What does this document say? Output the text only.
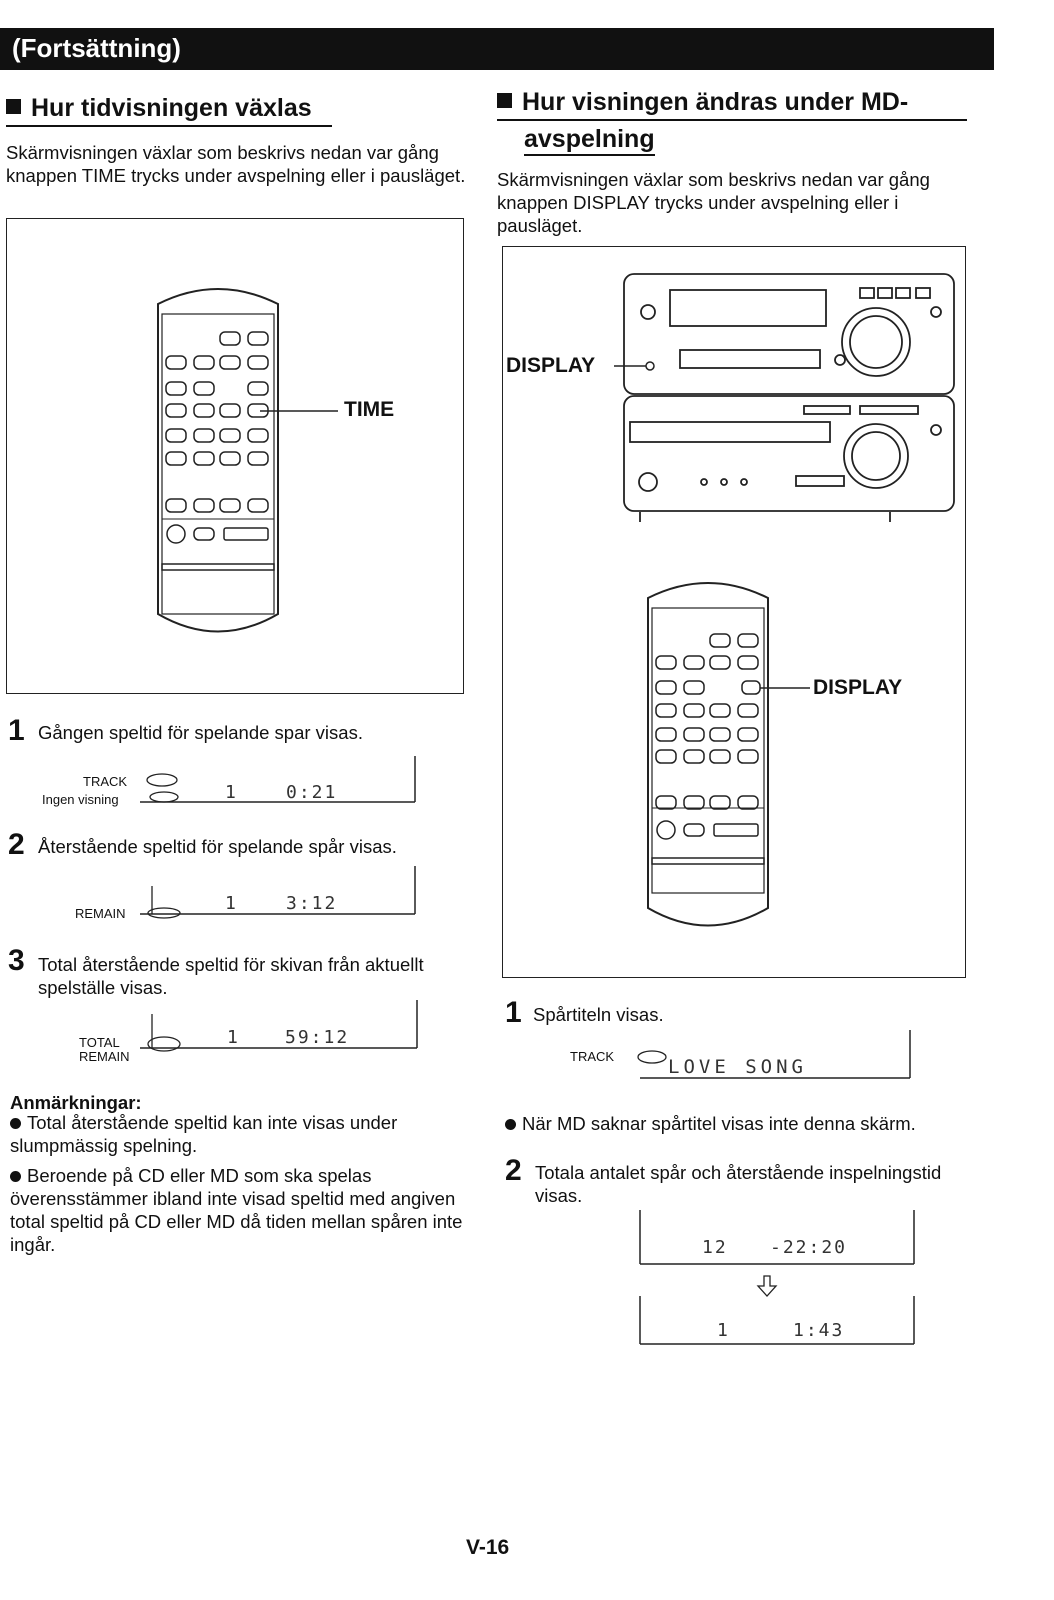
(Fortsättning)
Hur tidvisningen växlas
Skärmvisningen växlar som beskrivs nedan var gång knappen TIME trycks under avspelning eller i pausläget.
TIME
1 Gången speltid för spelande spar visas.
TRACK
Ingen visning	1	0:21
2 Återstående speltid för spelande spår visas.
REMAIN	1	3:12
3 Total återstående speltid för skivan från aktuellt spelställe visas.
TOTAL
REMAIN
1	59:12
Anmärkningar:
Total återstående speltid kan inte visas under slumpmässig spelning.
Beroende på CD eller MD som ska spelas överensstämmer ibland inte visad speltid med angiven total speltid på CD eller MD då tiden mellan spåren inte ingår.
Hur visningen ändras under MD-
avspelning
Skärmvisningen växlar som beskrivs nedan var gång knappen DISPLAY trycks under avspelning eller i pausläget.
DISPLAY
DISPLAY
1 Spårtiteln visas.
TRACK	LOVE SONG
När MD saknar spårtitel visas inte denna skärm.
2 Totala antalet spår och återstående inspelningstid visas.
12 -22:20
1	1:43
V-16
